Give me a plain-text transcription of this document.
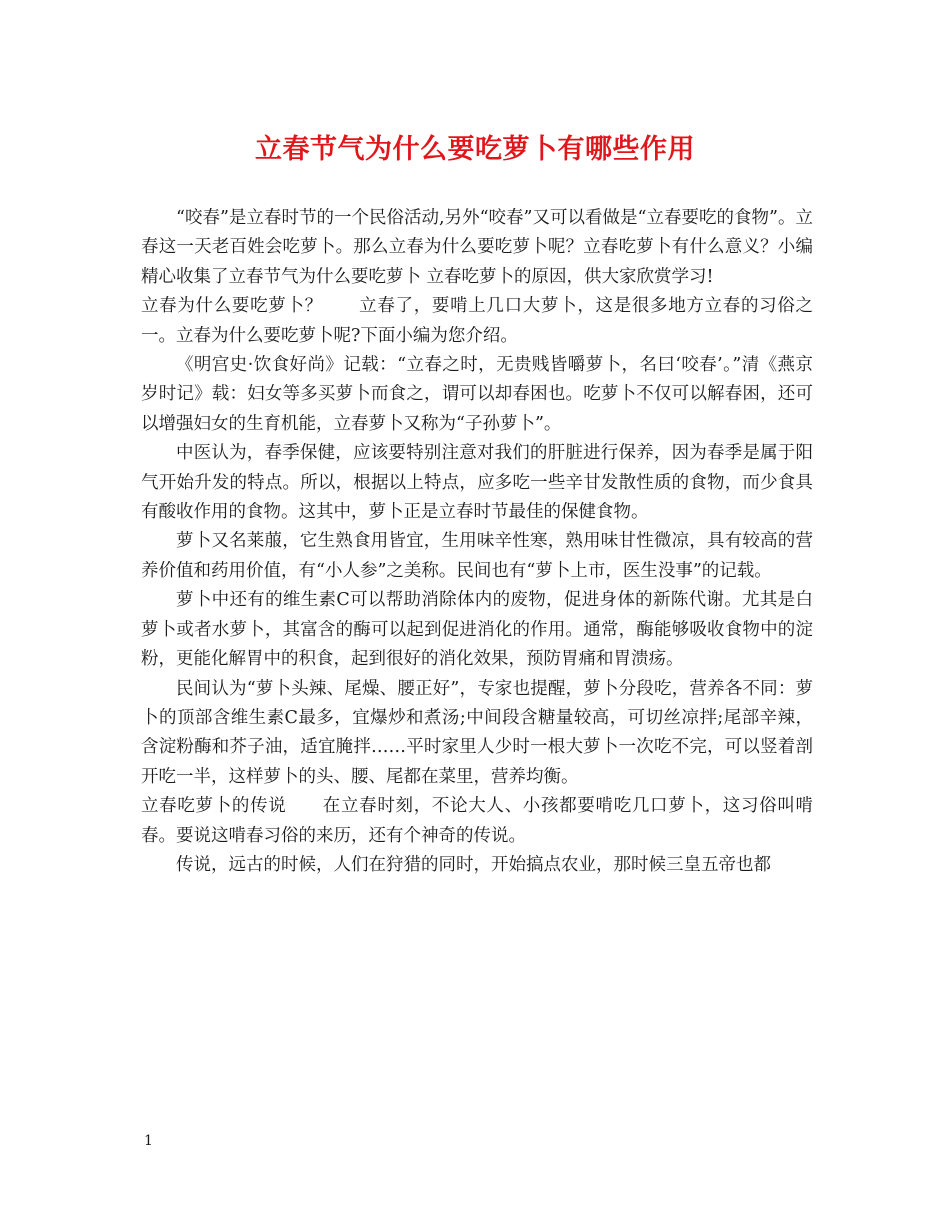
立春节气为什么要吃萝卜有哪些作用

“咬春”是立春时节的一个民俗活动,另外“咬春”又可以看做是“立春要吃的食物”。立春这一天老百姓会吃萝卜。那么立春为什么要吃萝卜呢？立春吃萝卜有什么意义？小编精心收集了立春节气为什么要吃萝卜 立春吃萝卜的原因，供大家欣赏学习!

立春为什么要吃萝卜？　　立春了，要啃上几口大萝卜，这是很多地方立春的习俗之一。立春为什么要吃萝卜呢?下面小编为您介绍。

《明宫史·饮食好尚》记载：“立春之时，无贵贱皆嚼萝卜，名曰‘咬春’。”清《燕京岁时记》载：妇女等多买萝卜而食之，谓可以却春困也。吃萝卜不仅可以解春困，还可以增强妇女的生育机能，立春萝卜又称为“子孙萝卜”。

中医认为，春季保健，应该要特别注意对我们的肝脏进行保养，因为春季是属于阳气开始升发的特点。所以，根据以上特点，应多吃一些辛甘发散性质的食物，而少食具有酸收作用的食物。这其中，萝卜正是立春时节最佳的保健食物。

萝卜又名莱菔，它生熟食用皆宜，生用味辛性寒，熟用味甘性微凉，具有较高的营养价值和药用价值，有“小人参”之美称。民间也有“萝卜上市，医生没事”的记载。

萝卜中还有的维生素C可以帮助消除体内的废物，促进身体的新陈代谢。尤其是白萝卜或者水萝卜，其富含的酶可以起到促进消化的作用。通常，酶能够吸收食物中的淀粉，更能化解胃中的积食，起到很好的消化效果，预防胃痛和胃溃疡。

民间认为“萝卜头辣、尾燥、腰正好”，专家也提醒，萝卜分段吃，营养各不同：萝卜的顶部含维生素C最多，宜爆炒和煮汤;中间段含糖量较高，可切丝凉拌;尾部辛辣，含淀粉酶和芥子油，适宜腌拌……平时家里人少时一根大萝卜一次吃不完，可以竖着剖开吃一半，这样萝卜的头、腰、尾都在菜里，营养均衡。

立春吃萝卜的传说　　在立春时刻，不论大人、小孩都要啃吃几口萝卜，这习俗叫啃春。要说这啃春习俗的来历，还有个神奇的传说。

传说，远古的时候，人们在狩猎的同时，开始搞点农业，那时候三皇五帝也都

1
